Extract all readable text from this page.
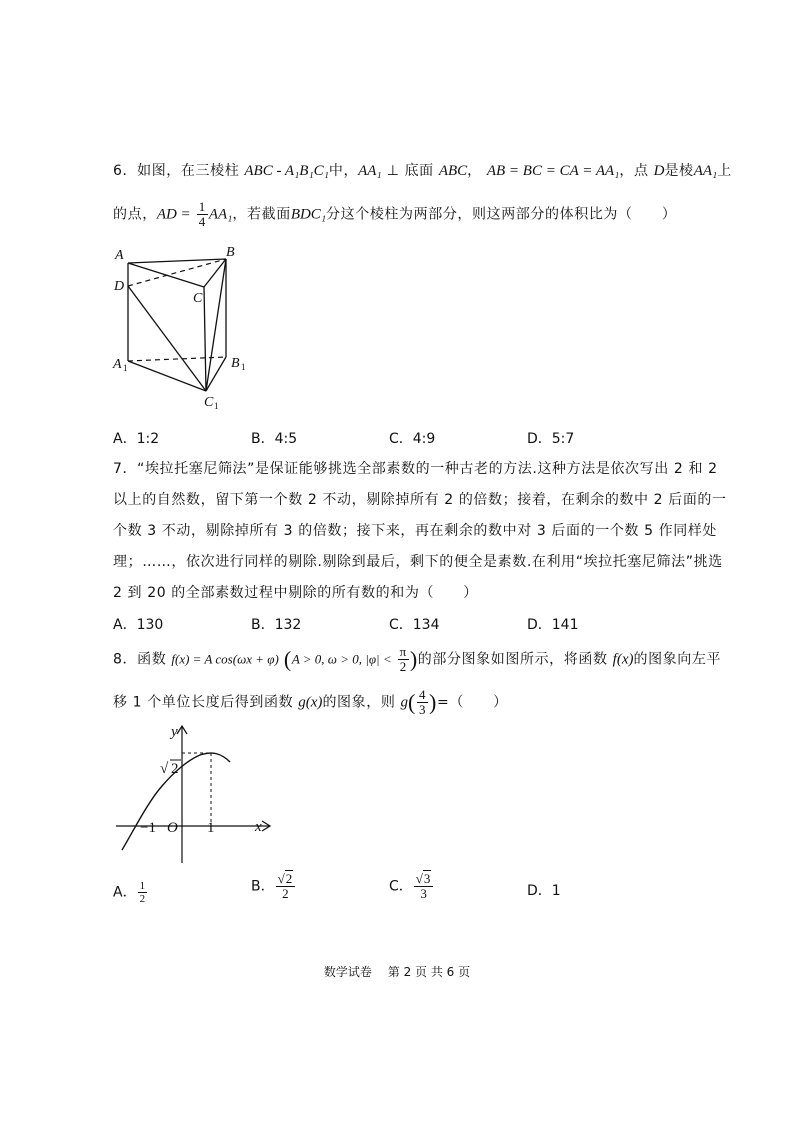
6．如图，在三棱柱 ABC - A₁B₁C₁中，AA₁ ⊥ 底面 ABC， AB = BC = CA = AA₁，点 D是棱AA₁上
的点，AD = $\frac{1}{4} AA_1$，若截面BDC₁分这个棱柱为两部分，则这两部分的体积比为（　　）
A	B
C
D
A	B
C
1	1
1
A．1:2	B．4:5	C．4:9	D．5:7
7．“埃拉托塞尼筛法”是保证能够挑选全部素数的一种古老的方法.这种方法是依次写出 2 和 2
以上的自然数，留下第一个数 2 不动，剔除掉所有 2 的倍数；接着，在剩余的数中 2 后面的一
个数 3 不动，剔除掉所有 3 的倍数；接下来，再在剩余的数中对 3 后面的一个数 5 作同样处
理；……，依次进行同样的剔除.剔除到最后，剩下的便全是素数.在利用“埃拉托塞尼筛法”挑选
2 到 20 的全部素数过程中剔除的所有数的和为（　　）
A．130	B．132	C．134	D．141
8．函数 f(x) = A cos(ωx + φ) (A > 0, ω > 0, $|\varphi| < \frac{\pi}{2}$ )的部分图象如图所示，将函数 f(x)的图象向左平
移 1 个单位长度后得到函数 g(x)的图象，则 $g( \frac{4}{3}$ )=（　　）
y
x
O
−1	1
√ 2
A． $\frac{1}{2}$	B． $\frac{√2}{2}$	C． $\frac{√3}{3}$	D．1
数学试卷 第 2 页 共 6 页
